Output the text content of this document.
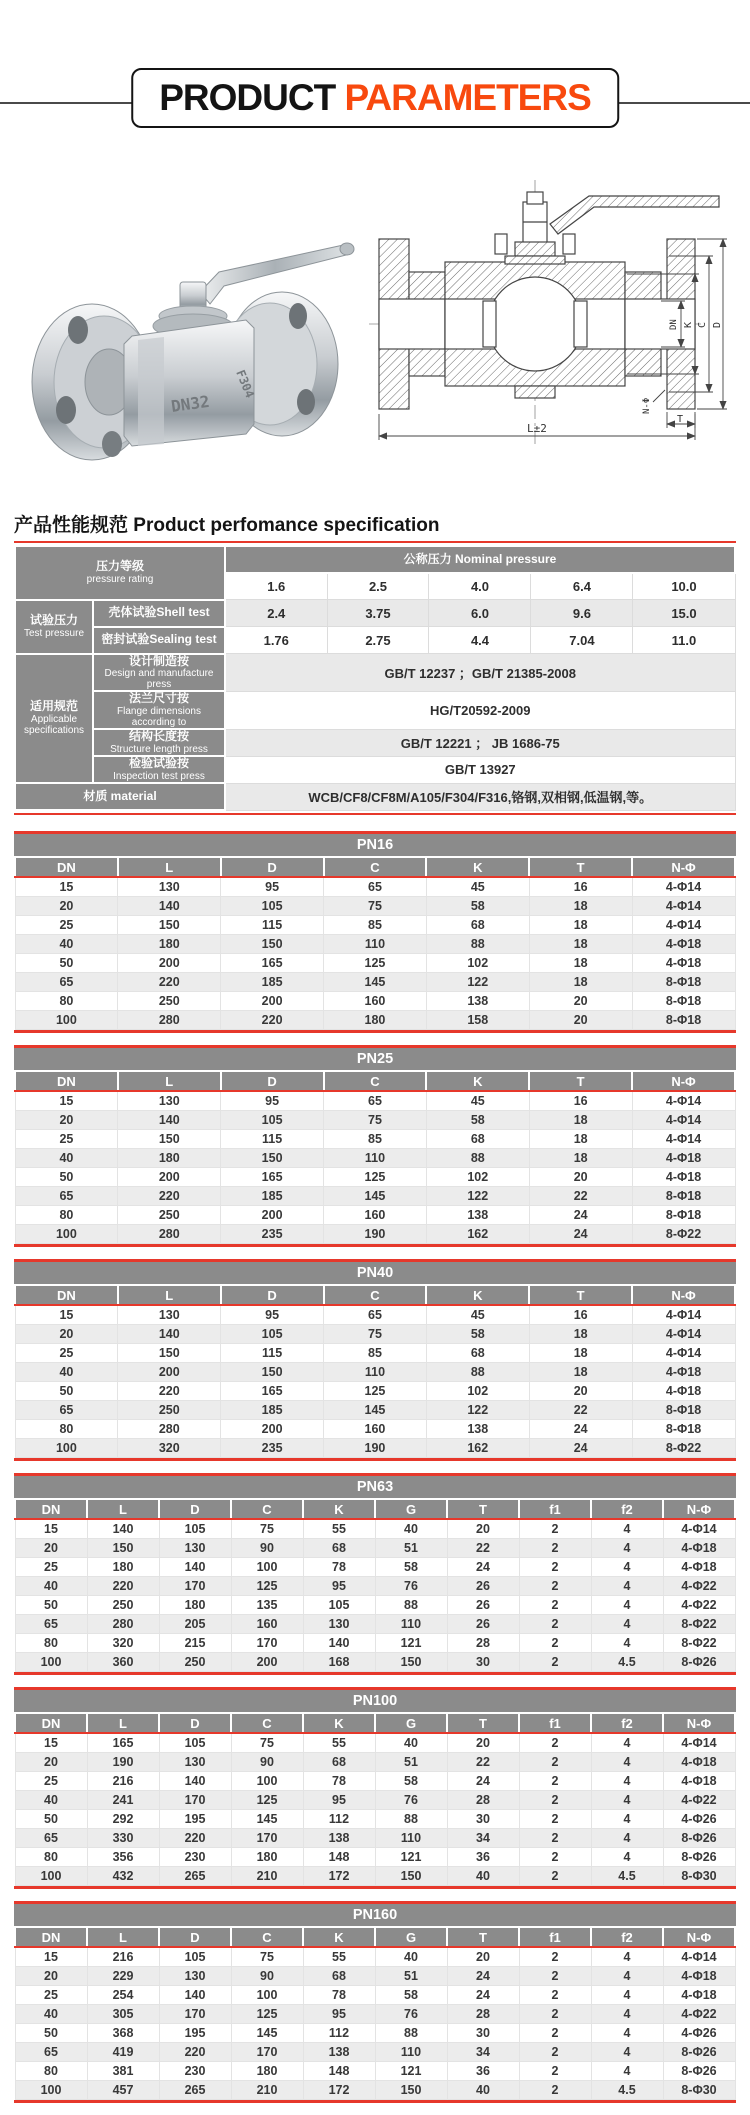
PRODUCT PARAMETERS
DN32
F304
L±2
DN K C D
N-Φ
T
产品性能规范 Product perfomance specification
压力等级
pressure rating		公称压力 Nominal pressure				
		1.6	2.5	4.0	6.4	10.0
试验压力
Test pressure	壳体试验Shell test	2.4	3.75	6.0	9.6	15.0
	密封试验Sealing test	1.76	2.75	4.4	7.04	11.0
适用规范
Applicable
specifications	设计制造按
Design and manufacture press	GB/T 12237 ；GB/T 21385-2008				
	法兰尺寸按
Flange dimensions according to	HG/T20592-2009				
	结构长度按
Structure length press	GB/T 12221 ； JB 1686-75				
	检验试验按
Inspection test press	GB/T 13927				
材质 material		WCB/CF8/CF8M/A105/F304/F316,铬钢,双相钢,低温钢,等。				
PN16
DN	L	D	C	K	T	N-Φ
15	130	95	65	45	16	4-Φ14
20	140	105	75	58	18	4-Φ14
25	150	115	85	68	18	4-Φ14
40	180	150	110	88	18	4-Φ18
50	200	165	125	102	18	4-Φ18
65	220	185	145	122	18	8-Φ18
80	250	200	160	138	20	8-Φ18
100	280	220	180	158	20	8-Φ18
PN25
DN	L	D	C	K	T	N-Φ
15	130	95	65	45	16	4-Φ14
20	140	105	75	58	18	4-Φ14
25	150	115	85	68	18	4-Φ14
40	180	150	110	88	18	4-Φ18
50	200	165	125	102	20	4-Φ18
65	220	185	145	122	22	8-Φ18
80	250	200	160	138	24	8-Φ18
100	280	235	190	162	24	8-Φ22
PN40
DN	L	D	C	K	T	N-Φ
15	130	95	65	45	16	4-Φ14
20	140	105	75	58	18	4-Φ14
25	150	115	85	68	18	4-Φ14
40	200	150	110	88	18	4-Φ18
50	220	165	125	102	20	4-Φ18
65	250	185	145	122	22	8-Φ18
80	280	200	160	138	24	8-Φ18
100	320	235	190	162	24	8-Φ22
PN63
DN	L	D	C	K	G	T	f1	f2	N-Φ
15	140	105	75	55	40	20	2	4	4-Φ14
20	150	130	90	68	51	22	2	4	4-Φ18
25	180	140	100	78	58	24	2	4	4-Φ18
40	220	170	125	95	76	26	2	4	4-Φ22
50	250	180	135	105	88	26	2	4	4-Φ22
65	280	205	160	130	110	26	2	4	8-Φ22
80	320	215	170	140	121	28	2	4	8-Φ22
100	360	250	200	168	150	30	2	4.5	8-Φ26
PN100
DN	L	D	C	K	G	T	f1	f2	N-Φ
15	165	105	75	55	40	20	2	4	4-Φ14
20	190	130	90	68	51	22	2	4	4-Φ18
25	216	140	100	78	58	24	2	4	4-Φ18
40	241	170	125	95	76	28	2	4	4-Φ22
50	292	195	145	112	88	30	2	4	4-Φ26
65	330	220	170	138	110	34	2	4	8-Φ26
80	356	230	180	148	121	36	2	4	8-Φ26
100	432	265	210	172	150	40	2	4.5	8-Φ30
PN160
DN	L	D	C	K	G	T	f1	f2	N-Φ
15	216	105	75	55	40	20	2	4	4-Φ14
20	229	130	90	68	51	24	2	4	4-Φ18
25	254	140	100	78	58	24	2	4	4-Φ18
40	305	170	125	95	76	28	2	4	4-Φ22
50	368	195	145	112	88	30	2	4	4-Φ26
65	419	220	170	138	110	34	2	4	8-Φ26
80	381	230	180	148	121	36	2	4	8-Φ26
100	457	265	210	172	150	40	2	4.5	8-Φ30
